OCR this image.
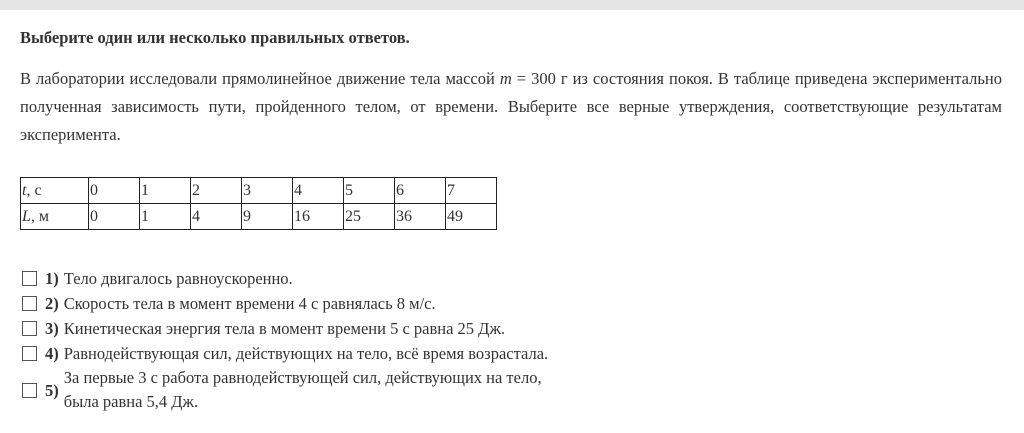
Выберите один или несколько правильных ответов.

В лаборатории исследовали прямолинейное движение тела массой m = 300 г из состояния покоя. В таблице приведена экспериментально полученная зависимость пути, пройденного телом, от времени. Выберите все верные утверждения, соответствующие результатам эксперимента.

t, с	0	1	2	3	4	5	6	7
L, м	0	1	4	9	16	25	36	49
1) Тело двигалось равноускоренно.
2) Скорость тела в момент времени 4 с равнялась 8 м/с.
3) Кинетическая энергия тела в момент времени 5 с равна 25 Дж.
4) Равнодействующая сил, действующих на тело, всё время возрастала.
5)
За первые 3 с работа равнодействующей сил, действующих на тело,
была равна 5,4 Дж.
